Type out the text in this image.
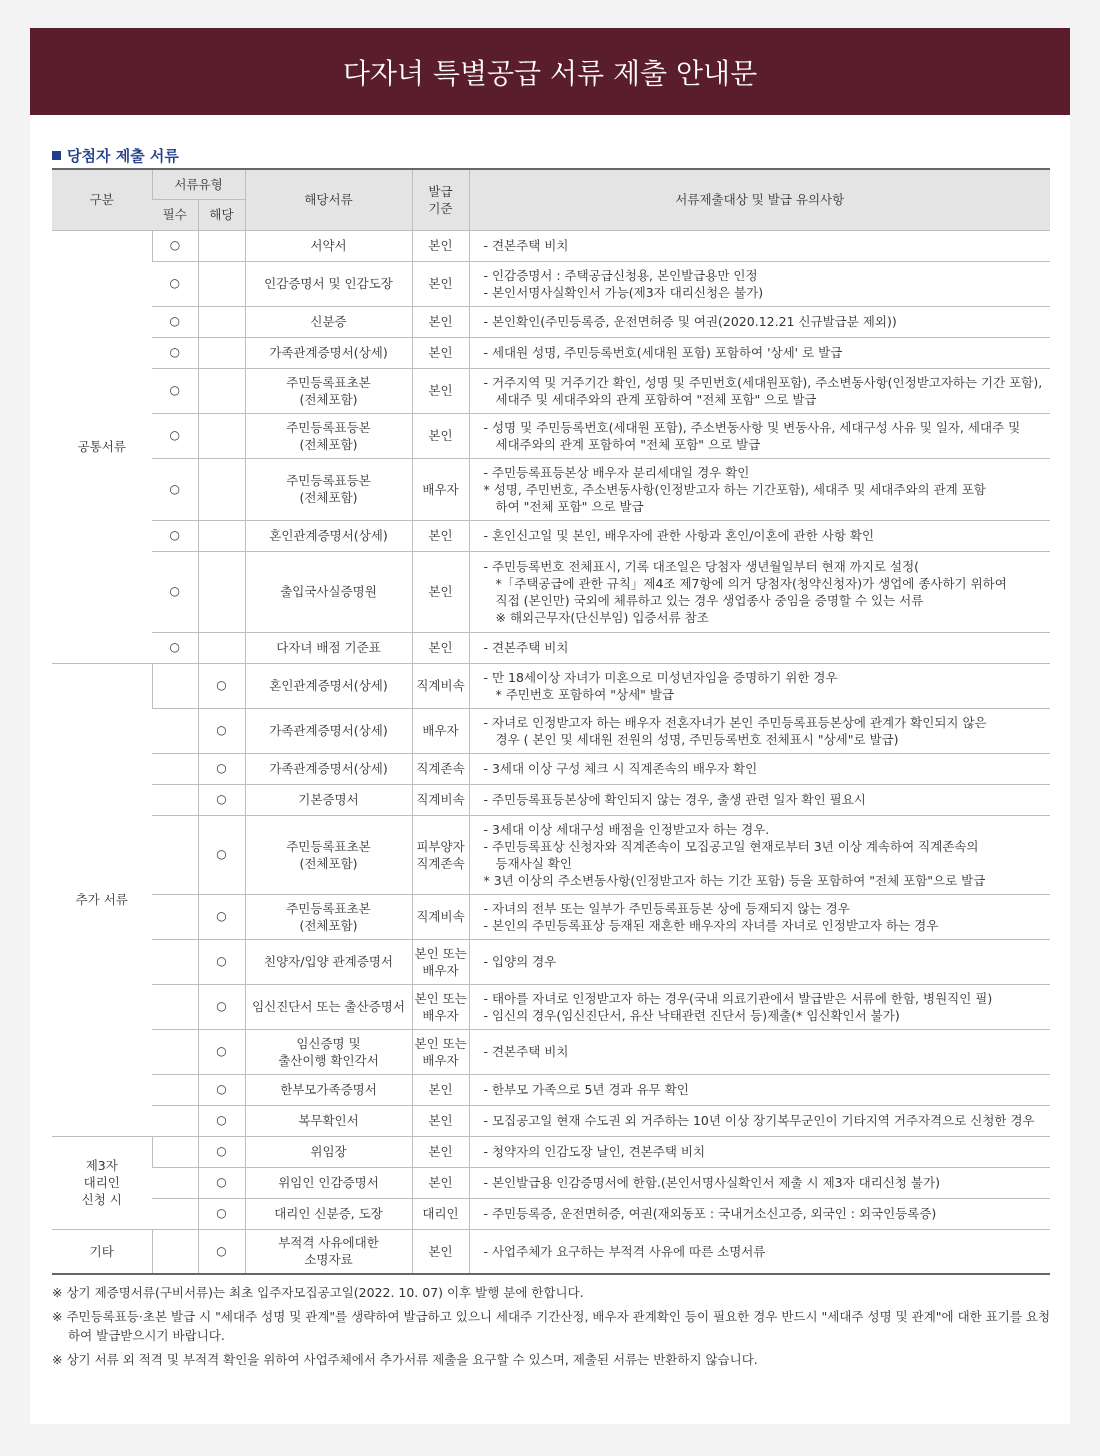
다자녀 특별공급 서류 제출 안내문
당첨자 제출 서류
구분	서류유형		해당서류	발급
기준	서류제출대상 및 발급 유의사항
	필수	해당			
공통서류	○		서약서	본인	- 견본주택 비치

	○		인감증명서 및 인감도장	본인	- 인감증명서 : 주택공급신청용, 본인발급용만 인정
- 본인서명사실확인서 가능(제3자 대리신청은 불가)

	○		신분증	본인	- 본인확인(주민등록증, 운전면허증 및 여권(2020.12.21 신규발급분 제외))

	○		가족관계증명서(상세)	본인	- 세대원 성명, 주민등록번호(세대원 포함) 포함하여 '상세' 로 발급

	○		주민등록표초본
(전체포함)	본인	- 거주지역 및 거주기간 확인, 성명 및 주민번호(세대원포함), 주소변동사항(인정받고자하는 기간 포함),
세대주 및 세대주와의 관계 포함하여 "전체 포함" 으로 발급

	○		주민등록표등본
(전체포함)	본인	- 성명 및 주민등록번호(세대원 포함), 주소변동사항 및 변동사유, 세대구성 사유 및 일자, 세대주 및
세대주와의 관계 포함하여 "전체 포함" 으로 발급

	○		주민등록표등본
(전체포함)	배우자	- 주민등록표등본상 배우자 분리세대일 경우 확인
* 성명, 주민번호, 주소변동사항(인정받고자 하는 기간포함), 세대주 및 세대주와의 관계 포함
하여 "전체 포함" 으로 발급

	○		혼인관계증명서(상세)	본인	- 혼인신고일 및 본인, 배우자에 관한 사항과 혼인/이혼에 관한 사항 확인

	○		출입국사실증명원	본인	- 주민등록번호 전체표시, 기록 대조일은 당첨자 생년월일부터 현재 까지로 설정(
*「주택공급에 관한 규칙」제4조 제7항에 의거 당첨자(청약신청자)가 생업에 종사하기 위하여
직접 (본인만) 국외에 체류하고 있는 경우 생업종사 중임을 증명할 수 있는 서류
※ 해외근무자(단신부임) 입증서류 참조

	○		다자녀 배점 기준표	본인	- 견본주택 비치

추가 서류		○	혼인관계증명서(상세)	직계비속	- 만 18세이상 자녀가 미혼으로 미성년자임을 증명하기 위한 경우
* 주민번호 포함하여 "상세" 발급

		○	가족관계증명서(상세)	배우자	- 자녀로 인정받고자 하는 배우자 전혼자녀가 본인 주민등록표등본상에 관계가 확인되지 않은
경우 ( 본인 및 세대원 전원의 성명, 주민등록번호 전체표시 "상세"로 발급)

		○	가족관계증명서(상세)	직계존속	- 3세대 이상 구성 체크 시 직계존속의 배우자 확인

		○	기본증명서	직계비속	- 주민등록표등본상에 확인되지 않는 경우, 출생 관련 일자 확인 필요시

		○	주민등록표초본
(전체포함)	피부양자
직계존속	- 3세대 이상 세대구성 배점을 인정받고자 하는 경우.
- 주민등록표상 신청자와 직계존속이 모집공고일 현재로부터 3년 이상 계속하여 직계존속의
등재사실 확인
* 3년 이상의 주소변동사항(인정받고자 하는 기간 포함) 등을 포함하여 "전체 포함"으로 발급

		○	주민등록표초본
(전체포함)	직계비속	- 자녀의 전부 또는 일부가 주민등록표등본 상에 등재되지 않는 경우
- 본인의 주민등록표상 등재된 재혼한 배우자의 자녀를 자녀로 인정받고자 하는 경우

		○	친양자/입양 관계증명서	본인 또는
배우자	- 입양의 경우

		○	임신진단서 또는 출산증명서	본인 또는
배우자	- 태아를 자녀로 인정받고자 하는 경우(국내 의료기관에서 발급받은 서류에 한함, 병원직인 필)
- 임신의 경우(임신진단서, 유산 낙태관련 진단서 등)제출(* 임신확인서 불가)

		○	임신증명 및
출산이행 확인각서	본인 또는
배우자	- 견본주택 비치

		○	한부모가족증명서	본인	- 한부모 가족으로 5년 경과 유무 확인

		○	복무확인서	본인	- 모집공고일 현재 수도권 외 거주하는 10년 이상 장기복무군인이 기타지역 거주자격으로 신청한 경우

제3자
대리인
신청 시		○	위임장	본인	- 청약자의 인감도장 날인, 견본주택 비치

		○	위임인 인감증명서	본인	- 본인발급용 인감증명서에 한함.(본인서명사실확인서 제출 시 제3자 대리신청 불가)

		○	대리인 신분증, 도장	대리인	- 주민등록증, 운전면허증, 여권(재외동포 : 국내거소신고증, 외국인 : 외국인등록증)

기타		○	부적격 사유에대한
소명자료	본인	- 사업주체가 요구하는 부적격 사유에 따른 소명서류

※ 상기 제증명서류(구비서류)는 최초 입주자모집공고일(2022. 10. 07) 이후 발행 분에 한합니다.

※ 주민등록표등·초본 발급 시 "세대주 성명 및 관계"를 생략하여 발급하고 있으니 세대주 기간산정, 배우자 관계확인 등이 필요한 경우 반드시 "세대주 성명 및 관계"에 대한 표기를 요청하여 발급받으시기 바랍니다.

※ 상기 서류 외 적격 및 부적격 확인을 위하여 사업주체에서 추가서류 제출을 요구할 수 있스며, 제출된 서류는 반환하지 않습니다.
